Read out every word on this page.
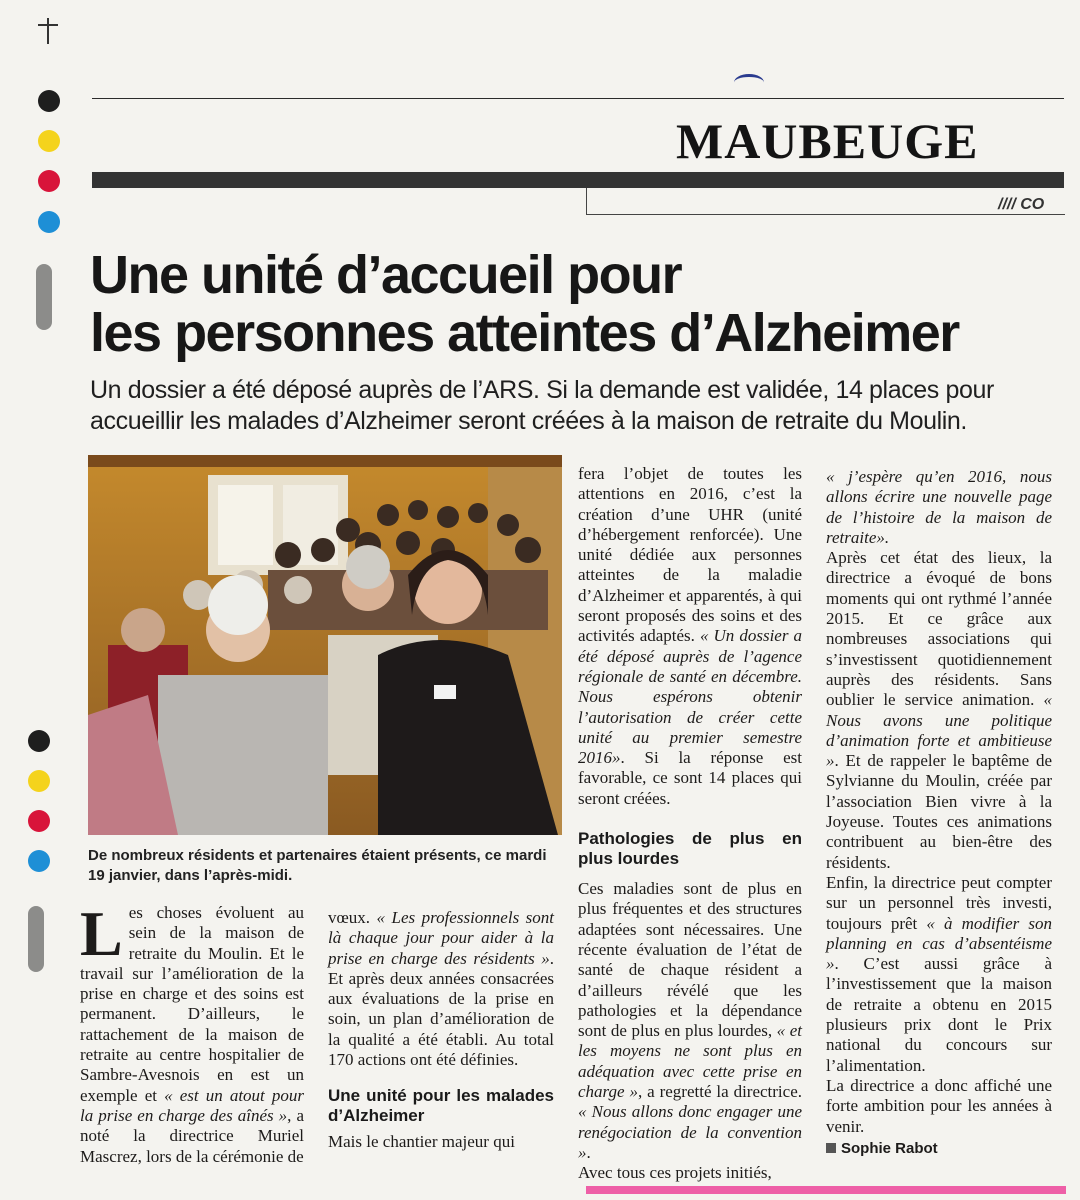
MAUBEUGE
//// CO
Une unité d’accueil pour
les personnes atteintes d’Alzheimer
Un dossier a été déposé auprès de l’ARS. Si la demande est validée, 14 places pour
accueillir les malades d’Alzheimer seront créées à la maison de retraite du Moulin.
De nombreux résidents et partenaires étaient présents, ce mardi 19 janvier, dans l’après-midi.

Les choses évoluent au sein de la maison de retraite du Moulin. Et le travail sur l’amélioration de la prise en charge et des soins est permanent. D’ailleurs, le rattachement de la maison de retraite au centre hospitalier de Sambre-Avesnois en est un exemple et « est un atout pour la prise en charge des aînés », a noté la directrice Muriel Mascrez, lors de la cérémonie de

vœux. « Les professionnels sont là chaque jour pour aider à la prise en charge des résidents ». Et après deux années consacrées aux évaluations de la prise en soin, un plan d’amélioration de la qualité a été établi. Au total 170 actions ont été définies.

Une unité pour les malades d’Alzheimer

Mais le chantier majeur qui

fera l’objet de toutes les attentions en 2016, c’est la création d’une UHR (unité d’hébergement renforcée). Une unité dédiée aux personnes atteintes de la maladie d’Alzheimer et apparentés, à qui seront proposés des soins et des activités adaptés. « Un dossier a été déposé auprès de l’agence régionale de santé en décembre. Nous espérons obtenir l’autorisation de créer cette unité au premier semestre 2016». Si la réponse est favorable, ce sont 14 places qui seront créées.

Pathologies de plus en plus lourdes

Ces maladies sont de plus en plus fréquentes et des structures adaptées sont nécessaires. Une récente évaluation de l’état de santé de chaque résident a d’ailleurs révélé que les pathologies et la dépendance sont de plus en plus lourdes, « et les moyens ne sont plus en adéquation avec cette prise en charge », a regretté la directrice. « Nous allons donc engager une renégociation de la convention ».

Avec tous ces projets initiés,

« j’espère qu’en 2016, nous allons écrire une nouvelle page de l’histoire de la maison de retraite».

Après cet état des lieux, la directrice a évoqué de bons moments qui ont rythmé l’année 2015. Et ce grâce aux nombreuses associations qui s’investissent quotidiennement auprès des résidents. Sans oublier le service animation. « Nous avons une politique d’animation forte et ambitieuse ». Et de rappeler le baptême de Sylvianne du Moulin, créée par l’association Bien vivre à la Joyeuse. Toutes ces animations contribuent au bien-être des résidents.

Enfin, la directrice peut compter sur un personnel très investi, toujours prêt « à modifier son planning en cas d’absentéisme ». C’est aussi grâce à l’investissement que la maison de retraite a obtenu en 2015 plusieurs prix dont le Prix national du concours sur l’alimentation.

La directrice a donc affiché une forte ambition pour les années à venir.

Sophie Rabot
